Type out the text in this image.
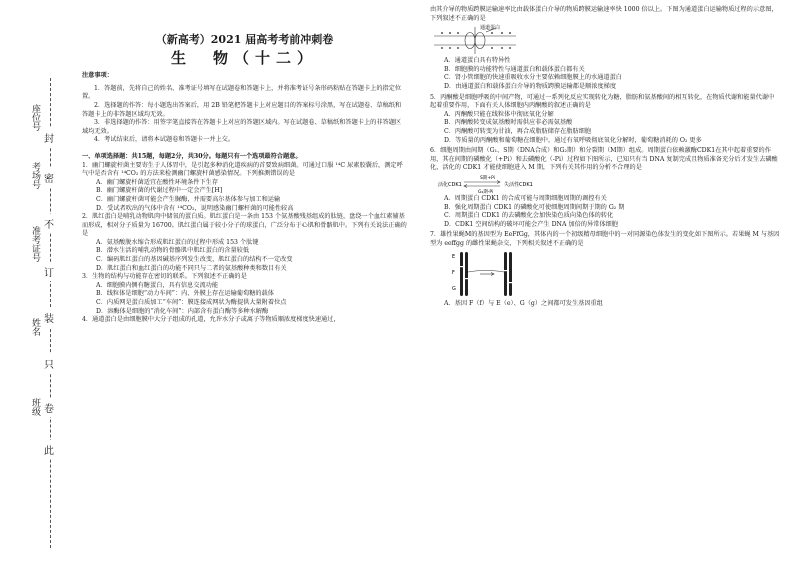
班级
姓名
准考证号
考场号
座位号
封
密
不
订
装
只
卷
此
（新高考）2021 届高考考前冲刺卷
生　物（十二）

注意事项：

1．答题前，先将自己的姓名、准考证号填写在试题卷和答题卡上，并将准考证号条形码粘贴在答题卡上的指定位置。

2．选择题的作答：每小题选出答案后，用 2B 铅笔把答题卡上对应题目的答案标号涂黑，写在试题卷、草稿纸和答题卡上的非答题区域均无效。

3．非选择题的作答：用签字笔直接答在答题卡上对应的答题区域内。写在试题卷、草稿纸和答题卡上的非答题区域均无效。

4．考试结束后，请将本试题卷和答题卡一并上交。

一、单项选择题：共15题，每题2分，共30分。每题只有一个选项最符合题意。

1．幽门螺旋杆菌主要寄生于人体胃中，是引起多种消化道疾病的首要致病细菌。可通过口服 ¹⁴C 尿素胶囊后，测定呼气中是否含有 ¹⁴CO₂ 的方法来检测幽门螺旋杆菌感染情况。下列推测错误的是

A．幽门螺旋杆菌适宜在酸性环境条件下生存

B．幽门螺旋杆菌的代谢过程中一定会产生[H]

C．幽门螺旋杆菌可能会产生脲酶，并需要高尔基体参与加工和运输

D．受试者吹出的气体中含有 ¹⁴CO₂，说明感染幽门螺杆菌的可能性较高

2．肌红蛋白是哺乳动物肌肉中储氧的蛋白质。肌红蛋白是一条由 153 个氨基酸残基组成的肽链，盘绕一个血红素辅基而形成，相对分子质量为 16700。肌红蛋白属于较小分子的球蛋白，广泛分布于心肌和骨骼肌中。下列有关说法正确的是

A．氨基酸脱水缩合形成肌红蛋白的过程中形成 153 个肽键

B．潜水生活的哺乳动物的骨骼肌中肌红蛋白的含量较低

C．编码肌红蛋白的基因碱基序列发生改变，肌红蛋白的结构不一定改变

D．肌红蛋白和血红蛋白的功能不同只与二者的氨基酸种类和数目有关

3．生物的结构与功能存在密切的联系。下列叙述不正确的是

A．细胞膜内侧有糖蛋白，具有信息交流功能

B．线粒体是细胞“动力车间”：内、外膜上存在运输葡萄糖的载体

C．内质网是蛋白质加工“车间”：膜连接成网状为酶提供大量附着位点

D．溶酶体是细胞的“消化车间”：内部含有蛋白酶等多种水解酶

4．通道蛋白是由细胞膜中大分子组成的孔道，允许水分子或离子等物质顺浓度梯度快速通过，

由其介导的物质跨膜运输速率比由载体蛋白介导的物质跨膜运输速率快 1000 倍以上。下图为通道蛋白运输物质过程的示意图，下列叙述不正确的是

通道蛋白

A．通道蛋白具有特异性

B．细胞膜的功能特性与通道蛋白和载体蛋白都有关

C．肾小管细胞的快速重吸收水分主要依赖细胞膜上的水通道蛋白

D．由通道蛋白和载体蛋白介导的物质跨膜运输都是顺浓度梯度

5．丙酮酸是细胞呼吸的中间产物，可通过一系列化反应实现转化为糖，脂肪和氨基酸间的相互转化，在物质代谢和能量代谢中起着重要作用，下面有关人体细胞内丙酮酸的叙述正确的是

A．丙酮酸只能在线粒体中彻底氧化分解

B．丙酮酸转变成氨基酸时需供应非必需氨基酸

C．丙酮酸可转变为甘油，再合成脂肪储存在脂肪细胞

D．等质量的丙酮酸和葡萄糖在细胞中，通过有氧呼吸彻底氧化分解时，葡萄糖消耗的 O₂ 更多

6．细胞周期由间期（G₁、S期（DNA合成）和G₂期）和分裂期（M期）组成。周期蛋白依赖激酶CDK1在其中起着重要的作用，其在间期的磷酸化（+Pi）和去磷酸化（-Pi）过程如下图所示，已知只有当 DNA 复制完成且物质准备充分后才发生去磷酸化，活化的 CDK1 才能使细胞进入 M 期，下列有关其作用的分析不合理的是

活化CDK1
S期+Pi
G₂期-Pi
失活性CDK1

A．周期蛋白 CDK1 的合成可能与周期细胞周期的调控有关

B．强化周期蛋白 CDK1 的磷酸化可使细胞周期间期于期的 G₂ 期

C．周期蛋白 CDK1 的去磷酸化会加快染色质向染色体的转化

D．CDK1 空间结构的破坏可能会产生 DNA 加倍的异常体细胞

7．雄性果蝇M的基因型为 EeFfGg，其体内的一个初级精母细胞中的一对同源染色体发生的变化如下图所示。若果蝇 M 与基因型为 eeffgg 的雌性果蝇杂交，下列相关叙述不正确的是

E
F
G

A．基因 F（f）与 E（e）、G（g）之间都可发生基因重组
